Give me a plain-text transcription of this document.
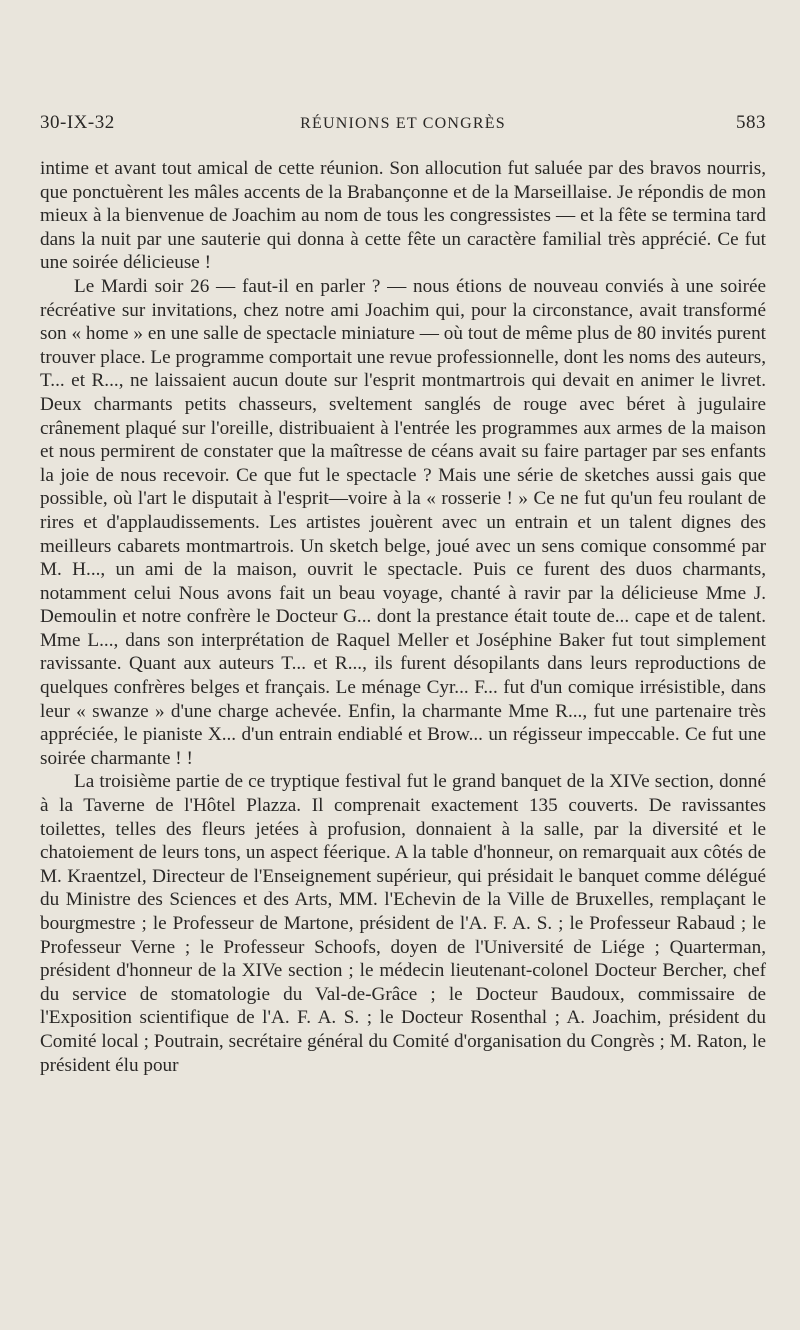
30-IX-32	RÉUNIONS ET CONGRÈS	583

intime et avant tout amical de cette réunion. Son allocution fut saluée par des bravos nourris, que ponctuèrent les mâles accents de la Brabançonne et de la Marseillaise. Je répondis de mon mieux à la bienvenue de Joachim au nom de tous les congressistes — et la fête se termina tard dans la nuit par une sauterie qui donna à cette fête un caractère familial très apprécié. Ce fut une soirée délicieuse !

Le Mardi soir 26 — faut-il en parler ? — nous étions de nouveau conviés à une soirée récréative sur invitations, chez notre ami Joachim qui, pour la circonstance, avait transformé son « home » en une salle de spectacle miniature — où tout de même plus de 80 invités purent trouver place. Le programme comportait une revue professionnelle, dont les noms des auteurs, T... et R..., ne laissaient aucun doute sur l'esprit montmartrois qui devait en animer le livret. Deux charmants petits chasseurs, sveltement sanglés de rouge avec béret à jugulaire crânement plaqué sur l'oreille, distribuaient à l'entrée les programmes aux armes de la maison et nous permirent de constater que la maîtresse de céans avait su faire partager par ses enfants la joie de nous recevoir. Ce que fut le spectacle ? Mais une série de sketches aussi gais que possible, où l'art le disputait à l'esprit—voire à la « rosserie ! » Ce ne fut qu'un feu roulant de rires et d'applaudissements. Les artistes jouèrent avec un entrain et un talent dignes des meilleurs cabarets montmartrois. Un sketch belge, joué avec un sens comique consommé par M. H..., un ami de la maison, ouvrit le spectacle. Puis ce furent des duos charmants, notamment celui Nous avons fait un beau voyage, chanté à ravir par la délicieuse Mme J. Demoulin et notre confrère le Docteur G... dont la prestance était toute de... cape et de talent. Mme L..., dans son interprétation de Raquel Meller et Joséphine Baker fut tout simplement ravissante. Quant aux auteurs T... et R..., ils furent désopilants dans leurs reproductions de quelques confrères belges et français. Le ménage Cyr... F... fut d'un comique irrésistible, dans leur « swanze » d'une charge achevée. Enfin, la charmante Mme R..., fut une partenaire très appréciée, le pianiste X... d'un entrain endiablé et Brow... un régisseur impeccable. Ce fut une soirée charmante ! !

La troisième partie de ce tryptique festival fut le grand banquet de la XIVe section, donné à la Taverne de l'Hôtel Plazza. Il comprenait exactement 135 couverts. De ravissantes toilettes, telles des fleurs jetées à profusion, donnaient à la salle, par la diversité et le chatoiement de leurs tons, un aspect féerique. A la table d'honneur, on remarquait aux côtés de M. Kraentzel, Directeur de l'Enseignement supérieur, qui présidait le banquet comme délégué du Ministre des Sciences et des Arts, MM. l'Echevin de la Ville de Bruxelles, remplaçant le bourgmestre ; le Professeur de Martone, président de l'A. F. A. S. ; le Professeur Rabaud ; le Professeur Verne ; le Professeur Schoofs, doyen de l'Université de Liége ; Quarterman, président d'honneur de la XIVe section ; le médecin lieutenant-colonel Docteur Bercher, chef du service de stomatologie du Val-de-Grâce ; le Docteur Baudoux, commissaire de l'Exposition scientifique de l'A. F. A. S. ; le Docteur Rosenthal ; A. Joachim, président du Comité local ; Poutrain, secrétaire général du Comité d'organisation du Congrès ; M. Raton, le président élu pour
